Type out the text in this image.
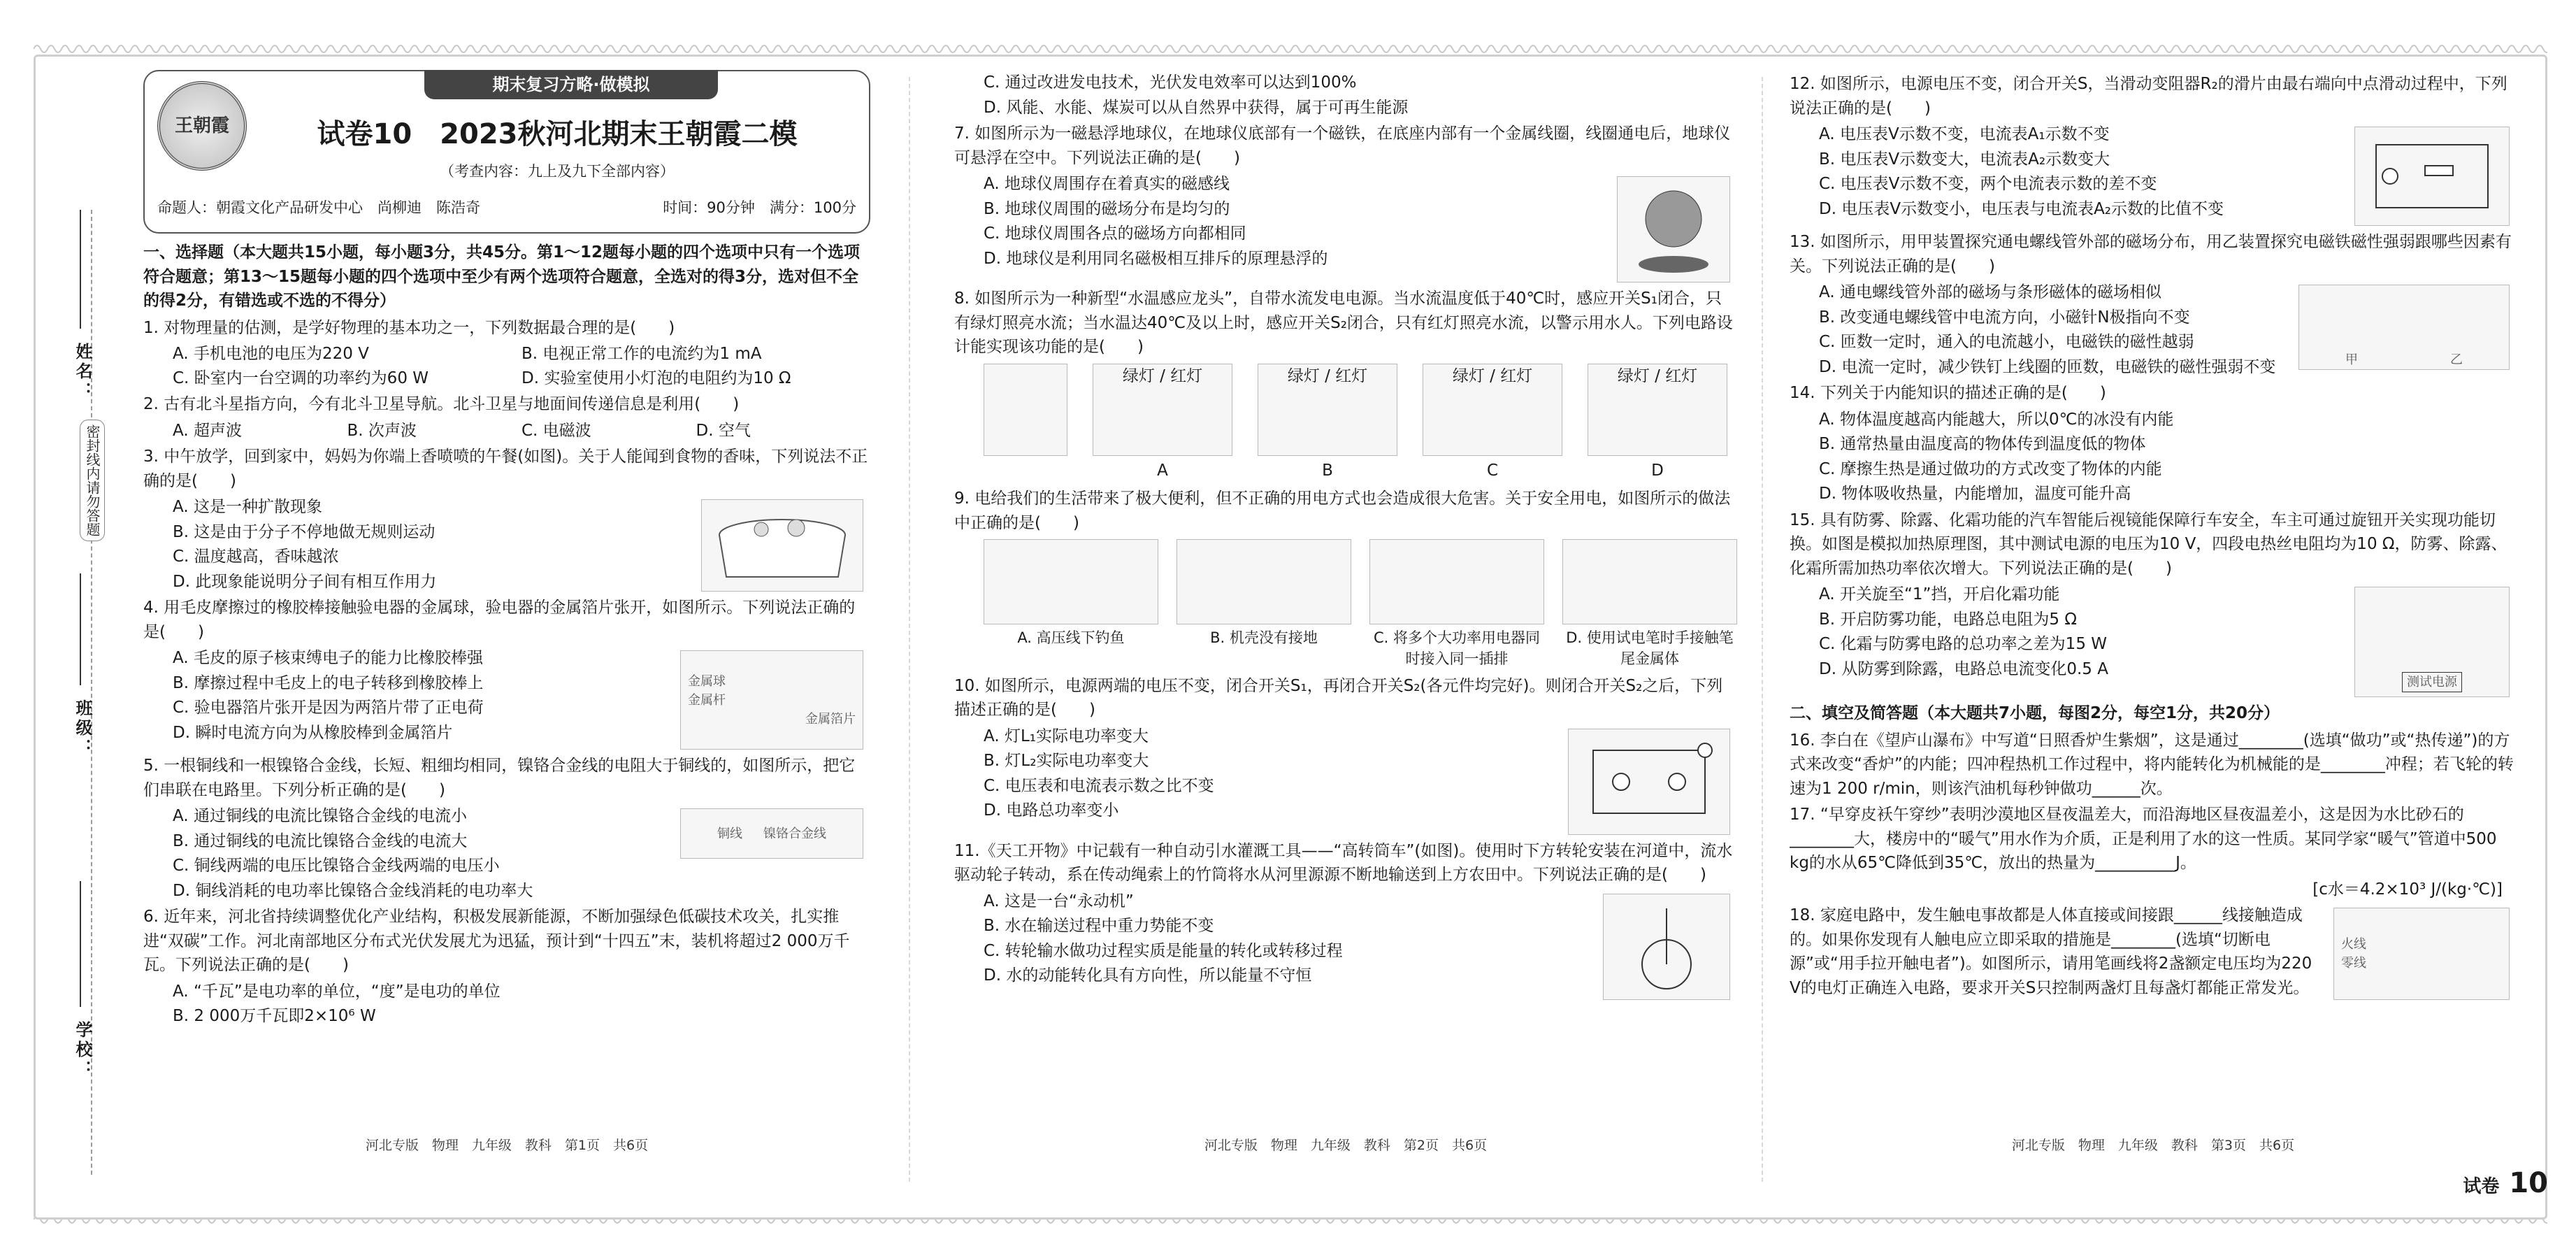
姓名：
密封线内请勿答题
班级：
学校：
王朝霞
期末复习方略·做模拟
试卷10　2023秋河北期末王朝霞二模
（考查内容：九上及九下全部内容）
命题人：朝霞文化产品研发中心　尚柳迪　陈浩奇	时间：90分钟　满分：100分
一、选择题（本大题共15小题，每小题3分，共45分。第1～12题每小题的四个选项中只有一个选项符合题意；第13～15题每小题的四个选项中至少有两个选项符合题意，全选对的得3分，选对但不全的得2分，有错选或不选的不得分）
1. 对物理量的估测，是学好物理的基本功之一，下列数据最合理的是(　　)
A. 手机电池的电压为220 V	B. 电视正常工作的电流约为1 mA
C. 卧室内一台空调的功率约为60 W	D. 实验室使用小灯泡的电阻约为10 Ω
2. 古有北斗星指方向，今有北斗卫星导航。北斗卫星与地面间传递信息是利用(　　)
A. 超声波	B. 次声波	C. 电磁波	D. 空气
3. 中午放学，回到家中，妈妈为你端上香喷喷的午餐(如图)。关于人能闻到食物的香味，下列说法不正确的是(　　)
A. 这是一种扩散现象
B. 这是由于分子不停地做无规则运动
C. 温度越高，香味越浓
D. 此现象能说明分子间有相互作用力
4. 用毛皮摩擦过的橡胶棒接触验电器的金属球，验电器的金属箔片张开，如图所示。下列说法正确的是(　　)
金属球
金属杆
金属箔片
A. 毛皮的原子核束缚电子的能力比橡胶棒强
B. 摩擦过程中毛皮上的电子转移到橡胶棒上
C. 验电器箔片张开是因为两箔片带了正电荷
D. 瞬时电流方向为从橡胶棒到金属箔片
5. 一根铜线和一根镍铬合金线，长短、粗细均相同，镍铬合金线的电阻大于铜线的，如图所示，把它们串联在电路里。下列分析正确的是(　　)
铜线 镍铬合金线
A. 通过铜线的电流比镍铬合金线的电流小
B. 通过铜线的电流比镍铬合金线的电流大
C. 铜线两端的电压比镍铬合金线两端的电压小
D. 铜线消耗的电功率比镍铬合金线消耗的电功率大
6. 近年来，河北省持续调整优化产业结构，积极发展新能源，不断加强绿色低碳技术攻关，扎实推进“双碳”工作。河北南部地区分布式光伏发展尤为迅猛，预计到“十四五”末，装机将超过2 000万千瓦。下列说法正确的是(　　)
A. “千瓦”是电功率的单位，“度”是电功的单位
B. 2 000万千瓦即2×10⁶ W
河北专版　物理　九年级　教科　第1页　共6页
C. 通过改进发电技术，光伏发电效率可以达到100%
D. 风能、水能、煤炭可以从自然界中获得，属于可再生能源
7. 如图所示为一磁悬浮地球仪，在地球仪底部有一个磁铁，在底座内部有一个金属线圈，线圈通电后，地球仪可悬浮在空中。下列说法正确的是(　　)
A. 地球仪周围存在着真实的磁感线
B. 地球仪周围的磁场分布是均匀的
C. 地球仪周围各点的磁场方向都相同
D. 地球仪是利用同名磁极相互排斥的原理悬浮的
8. 如图所示为一种新型“水温感应龙头”，自带水流发电电源。当水流温度低于40℃时，感应开关S₁闭合，只有绿灯照亮水流；当水温达40℃及以上时，感应开关S₂闭合，只有红灯照亮水流，以警示用水人。下列电路设计能实现该功能的是(　　)
绿灯 / 红灯
A
绿灯 / 红灯
B
绿灯 / 红灯
C
绿灯 / 红灯
D
9. 电给我们的生活带来了极大便利，但不正确的用电方式也会造成很大危害。关于安全用电，如图所示的做法中正确的是(　　)
A. 高压线下钓鱼	B. 机壳没有接地	C. 将多个大功率用电器同时接入同一插排
D. 使用试电笔时手接触笔尾金属体
10. 如图所示，电源两端的电压不变，闭合开关S₁，再闭合开关S₂(各元件均完好)。则闭合开关S₂之后，下列描述正确的是(　　)
A. 灯L₁实际电功率变大
B. 灯L₂实际电功率变大
C. 电压表和电流表示数之比不变
D. 电路总功率变小
11.《天工开物》中记载有一种自动引水灌溉工具——“高转筒车”(如图)。使用时下方转轮安装在河道中，流水驱动轮子转动，系在传动绳索上的竹筒将水从河里源源不断地输送到上方农田中。下列说法正确的是(　　)
A. 这是一台“永动机”
B. 水在输送过程中重力势能不变
C. 转轮输水做功过程实质是能量的转化或转移过程
D. 水的动能转化具有方向性，所以能量不守恒
河北专版　物理　九年级　教科　第2页　共6页
12. 如图所示，电源电压不变，闭合开关S，当滑动变阻器R₂的滑片由最右端向中点滑动过程中，下列说法正确的是(　　)
A. 电压表V示数不变，电流表A₁示数不变
B. 电压表V示数变大，电流表A₂示数变大
C. 电压表V示数不变，两个电流表示数的差不变
D. 电压表V示数变小，电压表与电流表A₂示数的比值不变
13. 如图所示，用甲装置探究通电螺线管外部的磁场分布，用乙装置探究电磁铁磁性强弱跟哪些因素有关。下列说法正确的是(　　)
甲	乙
A. 通电螺线管外部的磁场与条形磁体的磁场相似
B. 改变通电螺线管中电流方向，小磁针N极指向不变
C. 匝数一定时，通入的电流越小，电磁铁的磁性越弱
D. 电流一定时，减少铁钉上线圈的匝数，电磁铁的磁性强弱不变
14. 下列关于内能知识的描述正确的是(　　)
A. 物体温度越高内能越大，所以0℃的冰没有内能
B. 通常热量由温度高的物体传到温度低的物体
C. 摩擦生热是通过做功的方式改变了物体的内能
D. 物体吸收热量，内能增加，温度可能升高
15. 具有防雾、除露、化霜功能的汽车智能后视镜能保障行车安全，车主可通过旋钮开关实现功能切换。如图是模拟加热原理图，其中测试电源的电压为10 V，四段电热丝电阻均为10 Ω，防雾、除露、化霜所需加热功率依次增大。下列说法正确的是(　　)
测试电源
A. 开关旋至“1”挡，开启化霜功能
B. 开启防雾功能，电路总电阻为5 Ω
C. 化霜与防雾电路的总功率之差为15 W
D. 从防雾到除露，电路总电流变化0.5 A
二、填空及简答题（本大题共7小题，每图2分，每空1分，共20分）
16. 李白在《望庐山瀑布》中写道“日照香炉生紫烟”，这是通过________(选填“做功”或“热传递”)的方式来改变“香炉”的内能；四冲程热机工作过程中，将内能转化为机械能的是________冲程；若飞轮的转速为1 200 r/min，则该汽油机每秒钟做功______次。
17. “早穿皮袄午穿纱”表明沙漠地区昼夜温差大，而沿海地区昼夜温差小，这是因为水比砂石的________大，楼房中的“暖气”用水作为介质，正是利用了水的这一性质。某同学家“暖气”管道中500 kg的水从65℃降低到35℃，放出的热量为__________J。
[c水＝4.2×10³ J/(kg·℃)]
火线
零线
18. 家庭电路中，发生触电事故都是人体直接或间接跟______线接触造成的。如果你发现有人触电应立即采取的措施是________(选填“切断电源”或“用手拉开触电者”)。如图所示，请用笔画线将2盏额定电压均为220 V的电灯正确连入电路，要求开关S只控制两盏灯且每盏灯都能正常发光。
河北专版　物理　九年级　教科　第3页　共6页
试卷 10
